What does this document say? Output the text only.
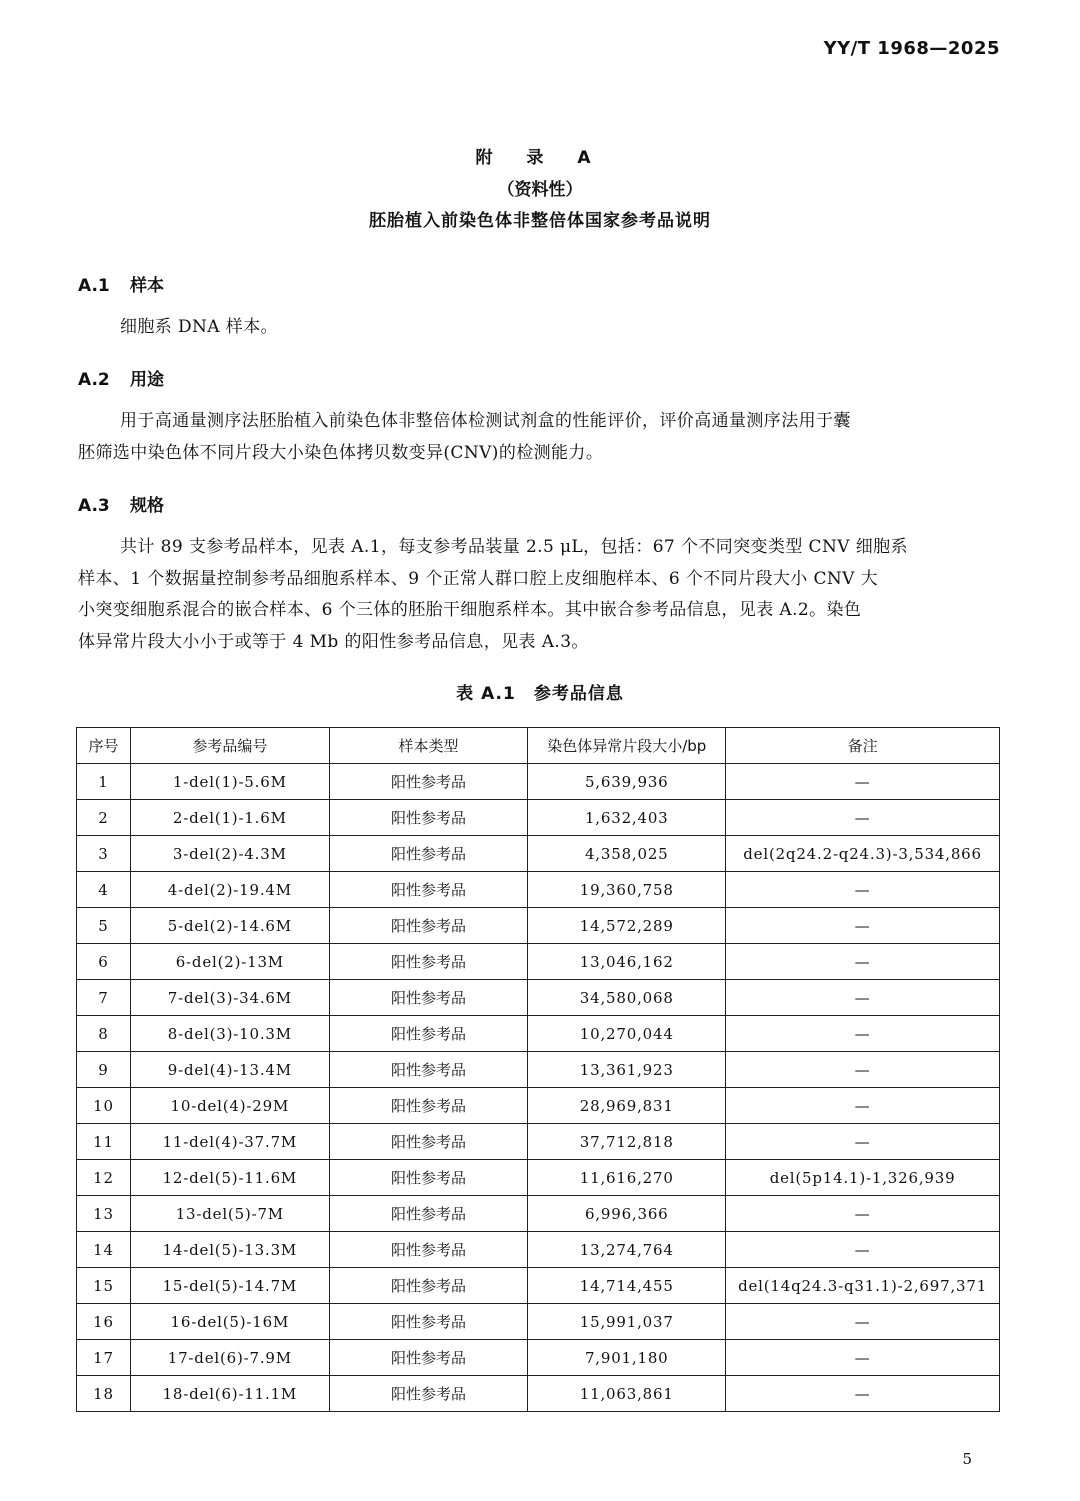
YY/T 1968—2025
附 录 A
（资料性）
胚胎植入前染色体非整倍体国家参考品说明
A.1 样本
细胞系 DNA 样本。
A.2 用途
用于高通量测序法胚胎植入前染色体非整倍体检测试剂盒的性能评价，评价高通量测序法用于囊
胚筛选中染色体不同片段大小染色体拷贝数变异(CNV)的检测能力。
A.3 规格
共计 89 支参考品样本，见表 A.1，每支参考品装量 2.5 μL，包括：67 个不同突变类型 CNV 细胞系
样本、1 个数据量控制参考品细胞系样本、9 个正常人群口腔上皮细胞样本、6 个不同片段大小 CNV 大
小突变细胞系混合的嵌合样本、6 个三体的胚胎干细胞系样本。其中嵌合参考品信息，见表 A.2。染色
体异常片段大小小于或等于 4 Mb 的阳性参考品信息，见表 A.3。
表 A.1　参考品信息
序号	参考品编号	样本类型	染色体异常片段大小/bp	备注
1	1-del(1)-5.6M	阳性参考品	5,639,936	—
2	2-del(1)-1.6M	阳性参考品	1,632,403	—
3	3-del(2)-4.3M	阳性参考品	4,358,025	del(2q24.2-q24.3)-3,534,866
4	4-del(2)-19.4M	阳性参考品	19,360,758	—
5	5-del(2)-14.6M	阳性参考品	14,572,289	—
6	6-del(2)-13M	阳性参考品	13,046,162	—
7	7-del(3)-34.6M	阳性参考品	34,580,068	—
8	8-del(3)-10.3M	阳性参考品	10,270,044	—
9	9-del(4)-13.4M	阳性参考品	13,361,923	—
10	10-del(4)-29M	阳性参考品	28,969,831	—
11	11-del(4)-37.7M	阳性参考品	37,712,818	—
12	12-del(5)-11.6M	阳性参考品	11,616,270	del(5p14.1)-1,326,939
13	13-del(5)-7M	阳性参考品	6,996,366	—
14	14-del(5)-13.3M	阳性参考品	13,274,764	—
15	15-del(5)-14.7M	阳性参考品	14,714,455	del(14q24.3-q31.1)-2,697,371
16	16-del(5)-16M	阳性参考品	15,991,037	—
17	17-del(6)-7.9M	阳性参考品	7,901,180	—
18	18-del(6)-11.1M	阳性参考品	11,063,861	—
5
